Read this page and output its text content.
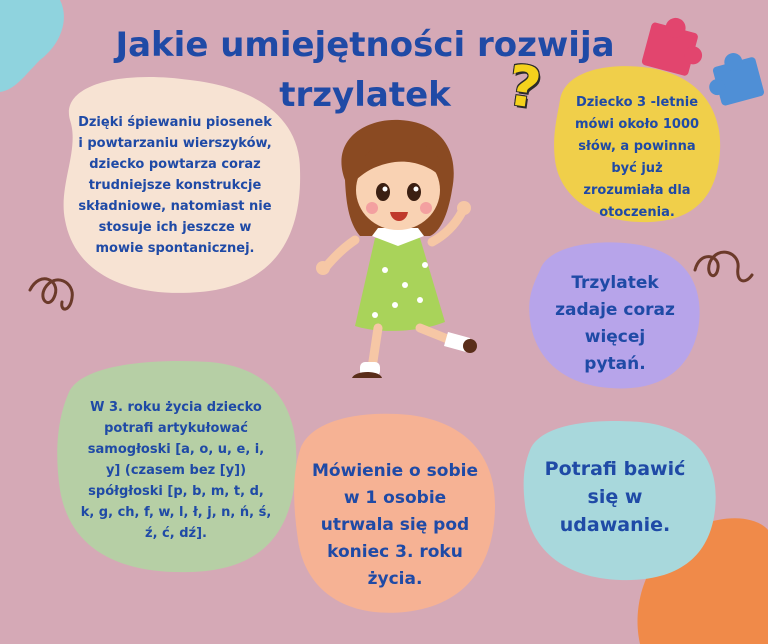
Jakie umiejętności rozwija trzylatek ?

Dzięki śpiewaniu piosenek
i powtarzaniu wierszyków,
dziecko powtarza coraz
trudniejsze konstrukcje
składniowe, natomiast nie
stosuje ich jeszcze w
mowie spontanicznej.

Dziecko 3 -letnie
mówi około 1000
słów, a powinna
być już
zrozumiała dla
otoczenia.

Trzylatek
zadaje coraz
więcej
pytań.

W 3. roku życia dziecko
potrafi artykułować
samogłoski [a, o, u, e, i,
y] (czasem bez [y])
spółgłoski [p, b, m, t, d,
k, g, ch, f, w, l, ł, j, n, ń, ś,
ź, ć, dź].

Mówienie o sobie
w 1 osobie
utrwala się pod
koniec 3. roku
życia.

Potrafi bawić
się w
udawanie.
